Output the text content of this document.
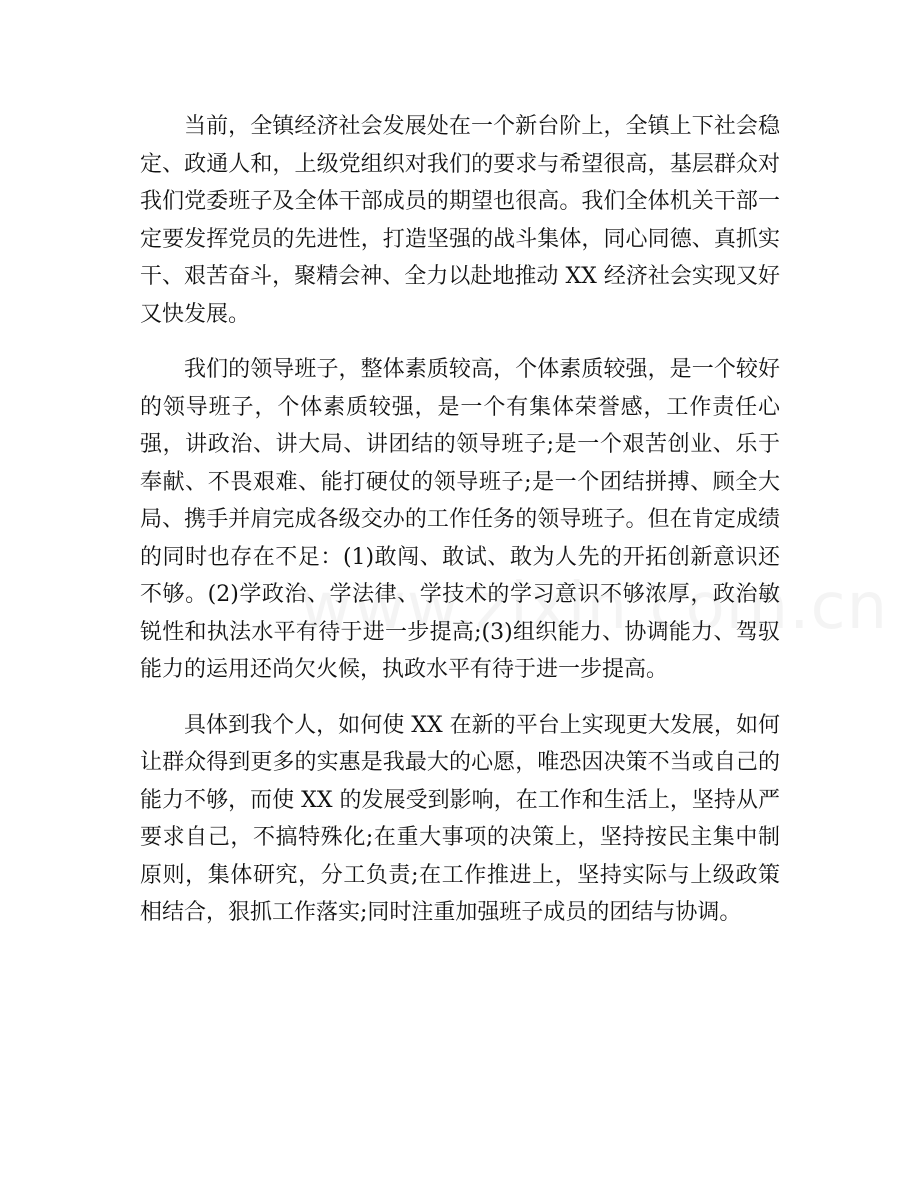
当前，全镇经济社会发展处在一个新台阶上，全镇上下社会稳定、政通人和，上级党组织对我们的要求与希望很高，基层群众对我们党委班子及全体干部成员的期望也很高。我们全体机关干部一定要发挥党员的先进性，打造坚强的战斗集体，同心同德、真抓实干、艰苦奋斗，聚精会神、全力以赴地推动 XX 经济社会实现又好又快发展。

我们的领导班子，整体素质较高，个体素质较强，是一个较好的领导班子，个体素质较强，是一个有集体荣誉感，工作责任心强，讲政治、讲大局、讲团结的领导班子;是一个艰苦创业、乐于奉献、不畏艰难、能打硬仗的领导班子;是一个团结拼搏、顾全大局、携手并肩完成各级交办的工作任务的领导班子。但在肯定成绩的同时也存在不足：(1)敢闯、敢试、敢为人先的开拓创新意识还不够。(2)学政治、学法律、学技术的学习意识不够浓厚，政治敏锐性和执法水平有待于进一步提高;(3)组织能力、协调能力、驾驭能力的运用还尚欠火候，执政水平有待于进一步提高。

具体到我个人，如何使 XX 在新的平台上实现更大发展，如何让群众得到更多的实惠是我最大的心愿，唯恐因决策不当或自己的能力不够，而使 XX 的发展受到影响，在工作和生活上，坚持从严要求自己，不搞特殊化;在重大事项的决策上，坚持按民主集中制原则，集体研究，分工负责;在工作推进上，坚持实际与上级政策相结合，狠抓工作落实;同时注重加强班子成员的团结与协调。
